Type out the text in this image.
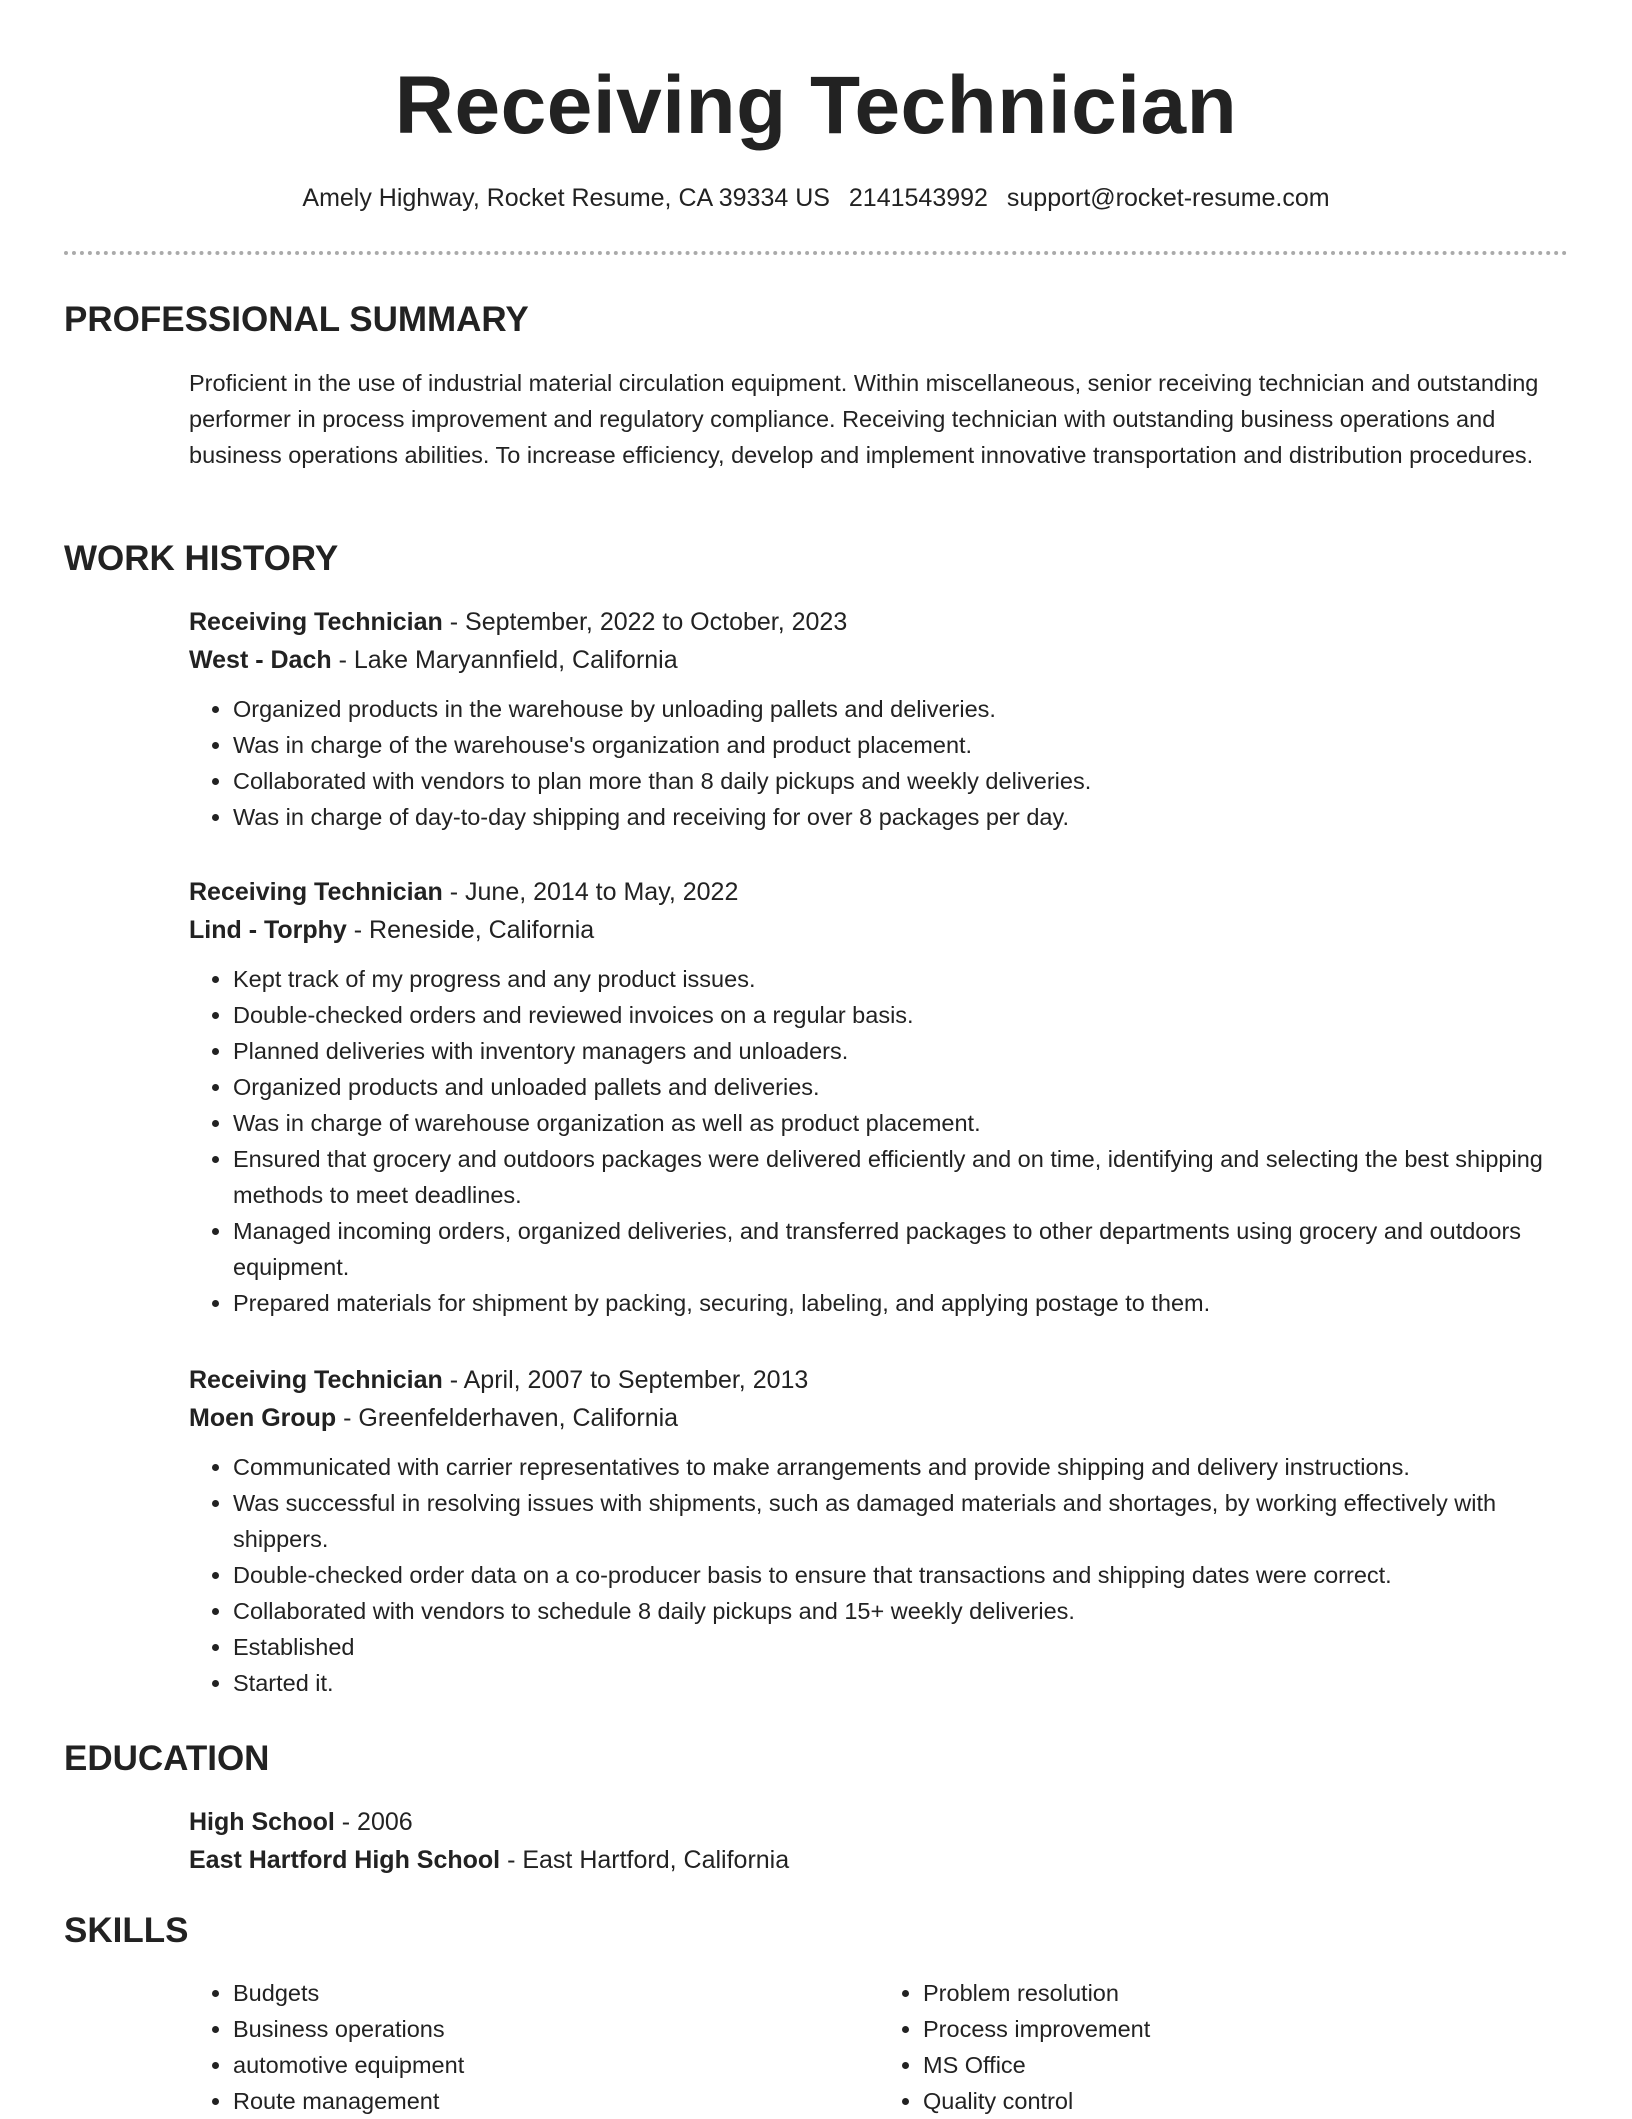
Receiving Technician
Amely Highway, Rocket Resume, CA 39334 US 2141543992 support@rocket-resume.com
PROFESSIONAL SUMMARY

Proficient in the use of industrial material circulation equipment. Within miscellaneous, senior receiving technician and outstanding performer in process improvement and regulatory compliance. Receiving technician with outstanding business operations and business operations abilities. To increase efficiency, develop and implement innovative transportation and distribution procedures.

WORK HISTORY
Receiving Technician - September, 2022 to October, 2023
West - Dach - Lake Maryannfield, California
• Organized products in the warehouse by unloading pallets and deliveries.
• Was in charge of the warehouse's organization and product placement.
• Collaborated with vendors to plan more than 8 daily pickups and weekly deliveries.
• Was in charge of day-to-day shipping and receiving for over 8 packages per day.
Receiving Technician - June, 2014 to May, 2022
Lind - Torphy - Reneside, California
• Kept track of my progress and any product issues.
• Double-checked orders and reviewed invoices on a regular basis.
• Planned deliveries with inventory managers and unloaders.
• Organized products and unloaded pallets and deliveries.
• Was in charge of warehouse organization as well as product placement.
• Ensured that grocery and outdoors packages were delivered efficiently and on time, identifying and selecting the best shipping methods to meet deadlines.
• Managed incoming orders, organized deliveries, and transferred packages to other departments using grocery and outdoors equipment.
• Prepared materials for shipment by packing, securing, labeling, and applying postage to them.
Receiving Technician - April, 2007 to September, 2013
Moen Group - Greenfelderhaven, California
• Communicated with carrier representatives to make arrangements and provide shipping and delivery instructions.
• Was successful in resolving issues with shipments, such as damaged materials and shortages, by working effectively with shippers.
• Double-checked order data on a co-producer basis to ensure that transactions and shipping dates were correct.
• Collaborated with vendors to schedule 8 daily pickups and 15+ weekly deliveries.
• Established
• Started it.
EDUCATION
High School - 2006
East Hartford High School - East Hartford, California
SKILLS
• Budgets
• Business operations
• automotive equipment
• Route management
• Problem resolution
• Process improvement
• MS Office
• Quality control
